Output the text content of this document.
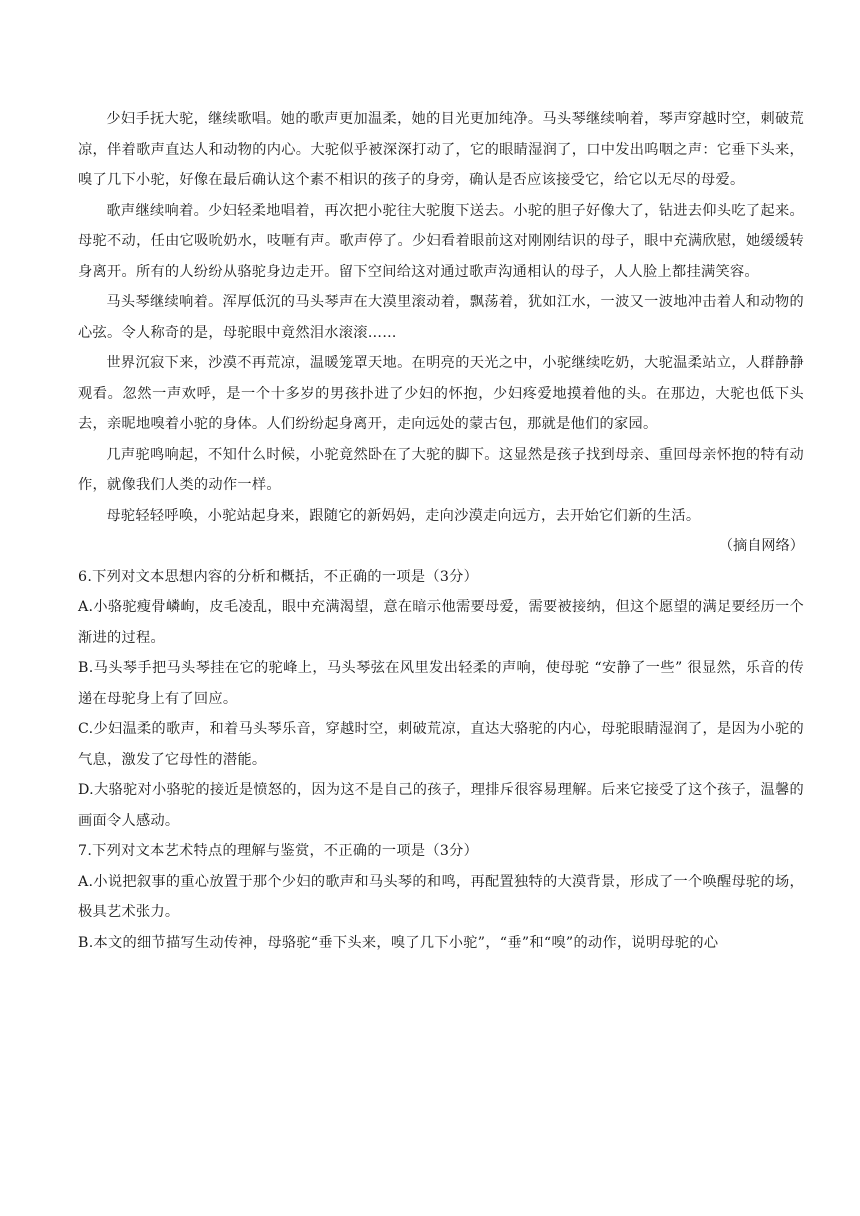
少妇手抚大驼，继续歌唱。她的歌声更加温柔，她的目光更加纯净。马头琴继续响着，琴声穿越时空，刺破荒凉，伴着歌声直达人和动物的内心。大驼似乎被深深打动了，它的眼睛湿润了，口中发出呜咽之声：它垂下头来，嗅了几下小驼，好像在最后确认这个素不相识的孩子的身旁，确认是否应该接受它，给它以无尽的母爱。

歌声继续响着。少妇轻柔地唱着，再次把小驼往大驼腹下送去。小驼的胆子好像大了，钻进去仰头吃了起来。母驼不动，任由它吸吮奶水，吱咂有声。歌声停了。少妇看着眼前这对刚刚结识的母子，眼中充满欣慰，她缓缓转身离开。所有的人纷纷从骆驼身边走开。留下空间给这对通过歌声沟通相认的母子，人人脸上都挂满笑容。

马头琴继续响着。浑厚低沉的马头琴声在大漠里滚动着，飘荡着，犹如江水，一波又一波地冲击着人和动物的心弦。令人称奇的是，母驼眼中竟然泪水滚滚……

世界沉寂下来，沙漠不再荒凉，温暖笼罩天地。在明亮的天光之中，小驼继续吃奶，大驼温柔站立，人群静静观看。忽然一声欢呼，是一个十多岁的男孩扑进了少妇的怀抱，少妇疼爱地摸着他的头。在那边，大驼也低下头去，亲昵地嗅着小驼的身体。人们纷纷起身离开，走向远处的蒙古包，那就是他们的家园。

几声驼鸣响起，不知什么时候，小驼竟然卧在了大驼的脚下。这显然是孩子找到母亲、重回母亲怀抱的特有动作，就像我们人类的动作一样。

母驼轻轻呼唤，小驼站起身来，跟随它的新妈妈，走向沙漠走向远方，去开始它们新的生活。

（摘自网络）

6.下列对文本思想内容的分析和概括，不正确的一项是（3分）

A.小骆驼瘦骨嶙峋，皮毛凌乱，眼中充满渴望，意在暗示他需要母爱，需要被接纳，但这个愿望的满足要经历一个渐进的过程。

B.马头琴手把马头琴挂在它的驼峰上，马头琴弦在风里发出轻柔的声响，使母驼 “安静了一些” 很显然，乐音的传递在母驼身上有了回应。

C.少妇温柔的歌声，和着马头琴乐音，穿越时空，刺破荒凉，直达大骆驼的内心，母驼眼睛湿润了，是因为小驼的气息，激发了它母性的潜能。

D.大骆驼对小骆驼的接近是愤怒的，因为这不是自己的孩子，理排斥很容易理解。后来它接受了这个孩子，温馨的画面令人感动。

7.下列对文本艺术特点的理解与鉴赏，不正确的一项是（3分）

A.小说把叙事的重心放置于那个少妇的歌声和马头琴的和鸣，再配置独特的大漠背景，形成了一个唤醒母驼的场，极具艺术张力。

B.本文的细节描写生动传神，母骆驼“垂下头来，嗅了几下小驼”，“垂”和“嗅”的动作，说明母驼的心
